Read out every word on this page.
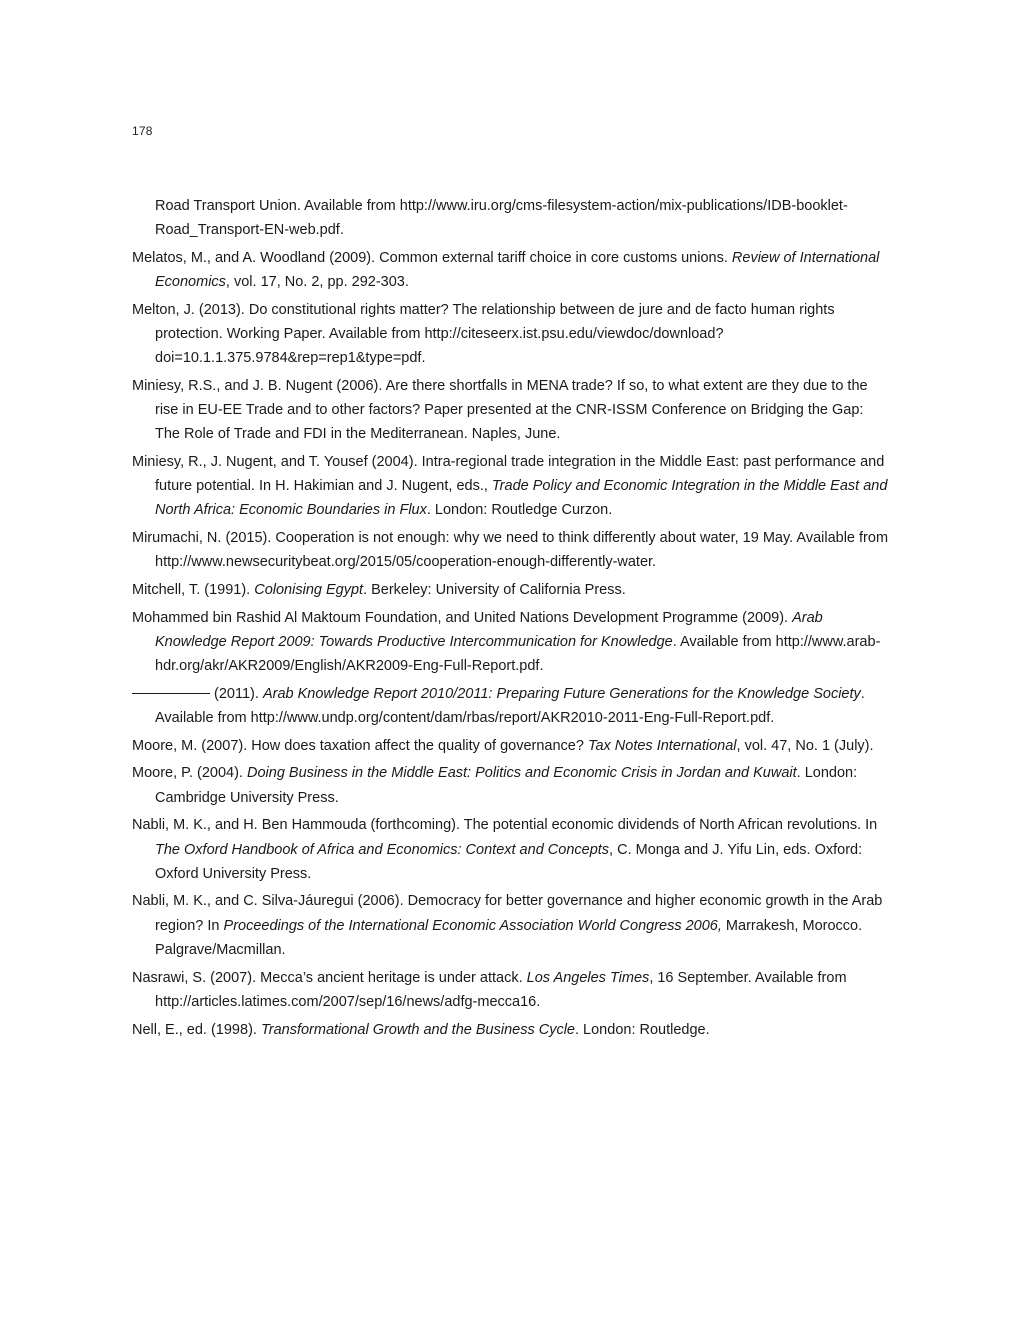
178

Road Transport Union. Available from http://www.iru.org/cms-filesystem-action/mix-publications/IDB-booklet-Road_Transport-EN-web.pdf.

Melatos, M., and A. Woodland (2009). Common external tariff choice in core customs unions. Review of International Economics, vol. 17, No. 2, pp. 292-303.

Melton, J. (2013). Do constitutional rights matter? The relationship between de jure and de facto human rights protection. Working Paper. Available from http://citeseerx.ist.psu.edu/viewdoc/download?doi=10.1.1.375.9784&rep=rep1&type=pdf.

Miniesy, R.S., and J. B. Nugent (2006). Are there shortfalls in MENA trade? If so, to what extent are they due to the rise in EU-EE Trade and to other factors? Paper presented at the CNR-ISSM Conference on Bridging the Gap: The Role of Trade and FDI in the Mediterranean. Naples, June.

Miniesy, R., J. Nugent, and T. Yousef (2004). Intra-regional trade integration in the Middle East: past performance and future potential. In H. Hakimian and J. Nugent, eds., Trade Policy and Economic Integration in the Middle East and North Africa: Economic Boundaries in Flux. London: Routledge Curzon.

Mirumachi, N. (2015). Cooperation is not enough: why we need to think differently about water, 19 May. Available from http://www.newsecuritybeat.org/2015/05/cooperation-enough-differently-water.

Mitchell, T. (1991). Colonising Egypt. Berkeley: University of California Press.

Mohammed bin Rashid Al Maktoum Foundation, and United Nations Development Programme (2009). Arab Knowledge Report 2009: Towards Productive Intercommunication for Knowledge. Available from http://www.arab-hdr.org/akr/AKR2009/English/AKR2009-Eng-Full-Report.pdf.

(2011). Arab Knowledge Report 2010/2011: Preparing Future Generations for the Knowledge Society. Available from http://www.undp.org/content/dam/rbas/report/AKR2010-2011-Eng-Full-Report.pdf.

Moore, M. (2007). How does taxation affect the quality of governance? Tax Notes International, vol. 47, No. 1 (July).

Moore, P. (2004). Doing Business in the Middle East: Politics and Economic Crisis in Jordan and Kuwait. London: Cambridge University Press.

Nabli, M. K., and H. Ben Hammouda (forthcoming). The potential economic dividends of North African revolutions. In The Oxford Handbook of Africa and Economics: Context and Concepts, C. Monga and J. Yifu Lin, eds. Oxford: Oxford University Press.

Nabli, M. K., and C. Silva-Jáuregui (2006). Democracy for better governance and higher economic growth in the Arab region? In Proceedings of the International Economic Association World Congress 2006, Marrakesh, Morocco. Palgrave/Macmillan.

Nasrawi, S. (2007). Mecca’s ancient heritage is under attack. Los Angeles Times, 16 September. Available from http://articles.latimes.com/2007/sep/16/news/adfg-mecca16.

Nell, E., ed. (1998). Transformational Growth and the Business Cycle. London: Routledge.
